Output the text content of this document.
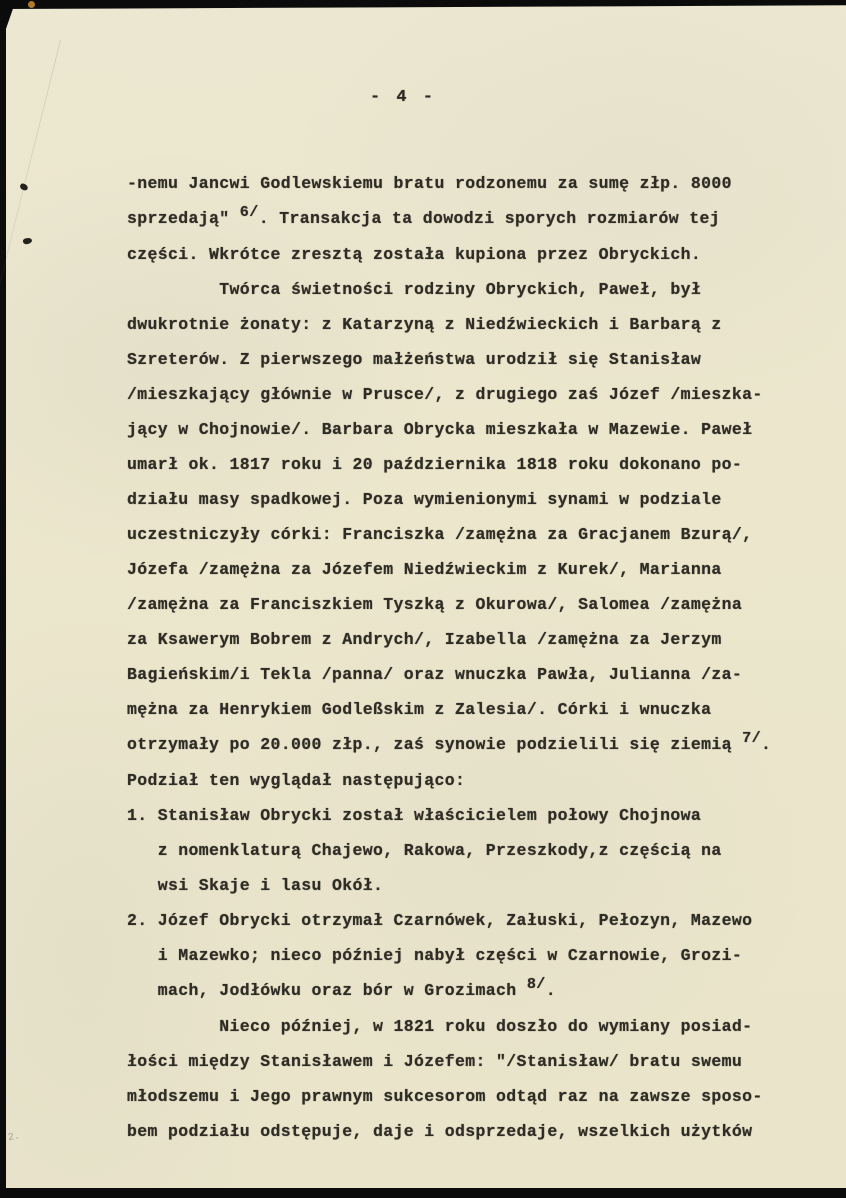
2.
- 4 -
-nemu Jancwi Godlewskiemu bratu rodzonemu za sumę złp. 8000
sprzedają" 6/. Transakcja ta dowodzi sporych rozmiarów tej
części. Wkrótce zresztą została kupiona przez Obryckich.
Twórca świetności rodziny Obryckich, Paweł, był
dwukrotnie żonaty: z Katarzyną z Niedźwieckich i Barbarą z
Szreterów. Z pierwszego małżeństwa urodził się Stanisław
/mieszkający głównie w Prusce/, z drugiego zaś Józef /mieszka-
jący w Chojnowie/. Barbara Obrycka mieszkała w Mazewie. Paweł
umarł ok. 1817 roku i 20 października 1818 roku dokonano po-
działu masy spadkowej. Poza wymienionymi synami w podziale
uczestniczyły córki: Franciszka /zamężna za Gracjanem Bzurą/,
Józefa /zamężna za Józefem Niedźwieckim z Kurek/, Marianna
/zamężna za Franciszkiem Tyszką z Okurowa/, Salomea /zamężna
za Ksawerym Bobrem z Andrych/, Izabella /zamężna za Jerzym
Bagieńskim/i Tekla /panna/ oraz wnuczka Pawła, Julianna /za-
mężna za Henrykiem Godleßskim z Zalesia/. Córki i wnuczka
otrzymały po 20.000 złp., zaś synowie podzielili się ziemią 7/.
Podział ten wyglądał następująco:
1. Stanisław Obrycki został właścicielem połowy Chojnowa
z nomenklaturą Chajewo, Rakowa, Przeszkody,z częścią na
wsi Skaje i lasu Okół.
2. Józef Obrycki otrzymał Czarnówek, Załuski, Pełozyn, Mazewo
i Mazewko; nieco później nabył części w Czarnowie, Grozi-
mach, Jodłówku oraz bór w Grozimach 8/.
Nieco później, w 1821 roku doszło do wymiany posiad-
łości między Stanisławem i Józefem: "/Stanisław/ bratu swemu
młodszemu i Jego prawnym sukcesorom odtąd raz na zawsze sposo-
bem podziału odstępuje, daje i odsprzedaje, wszelkich użytków
